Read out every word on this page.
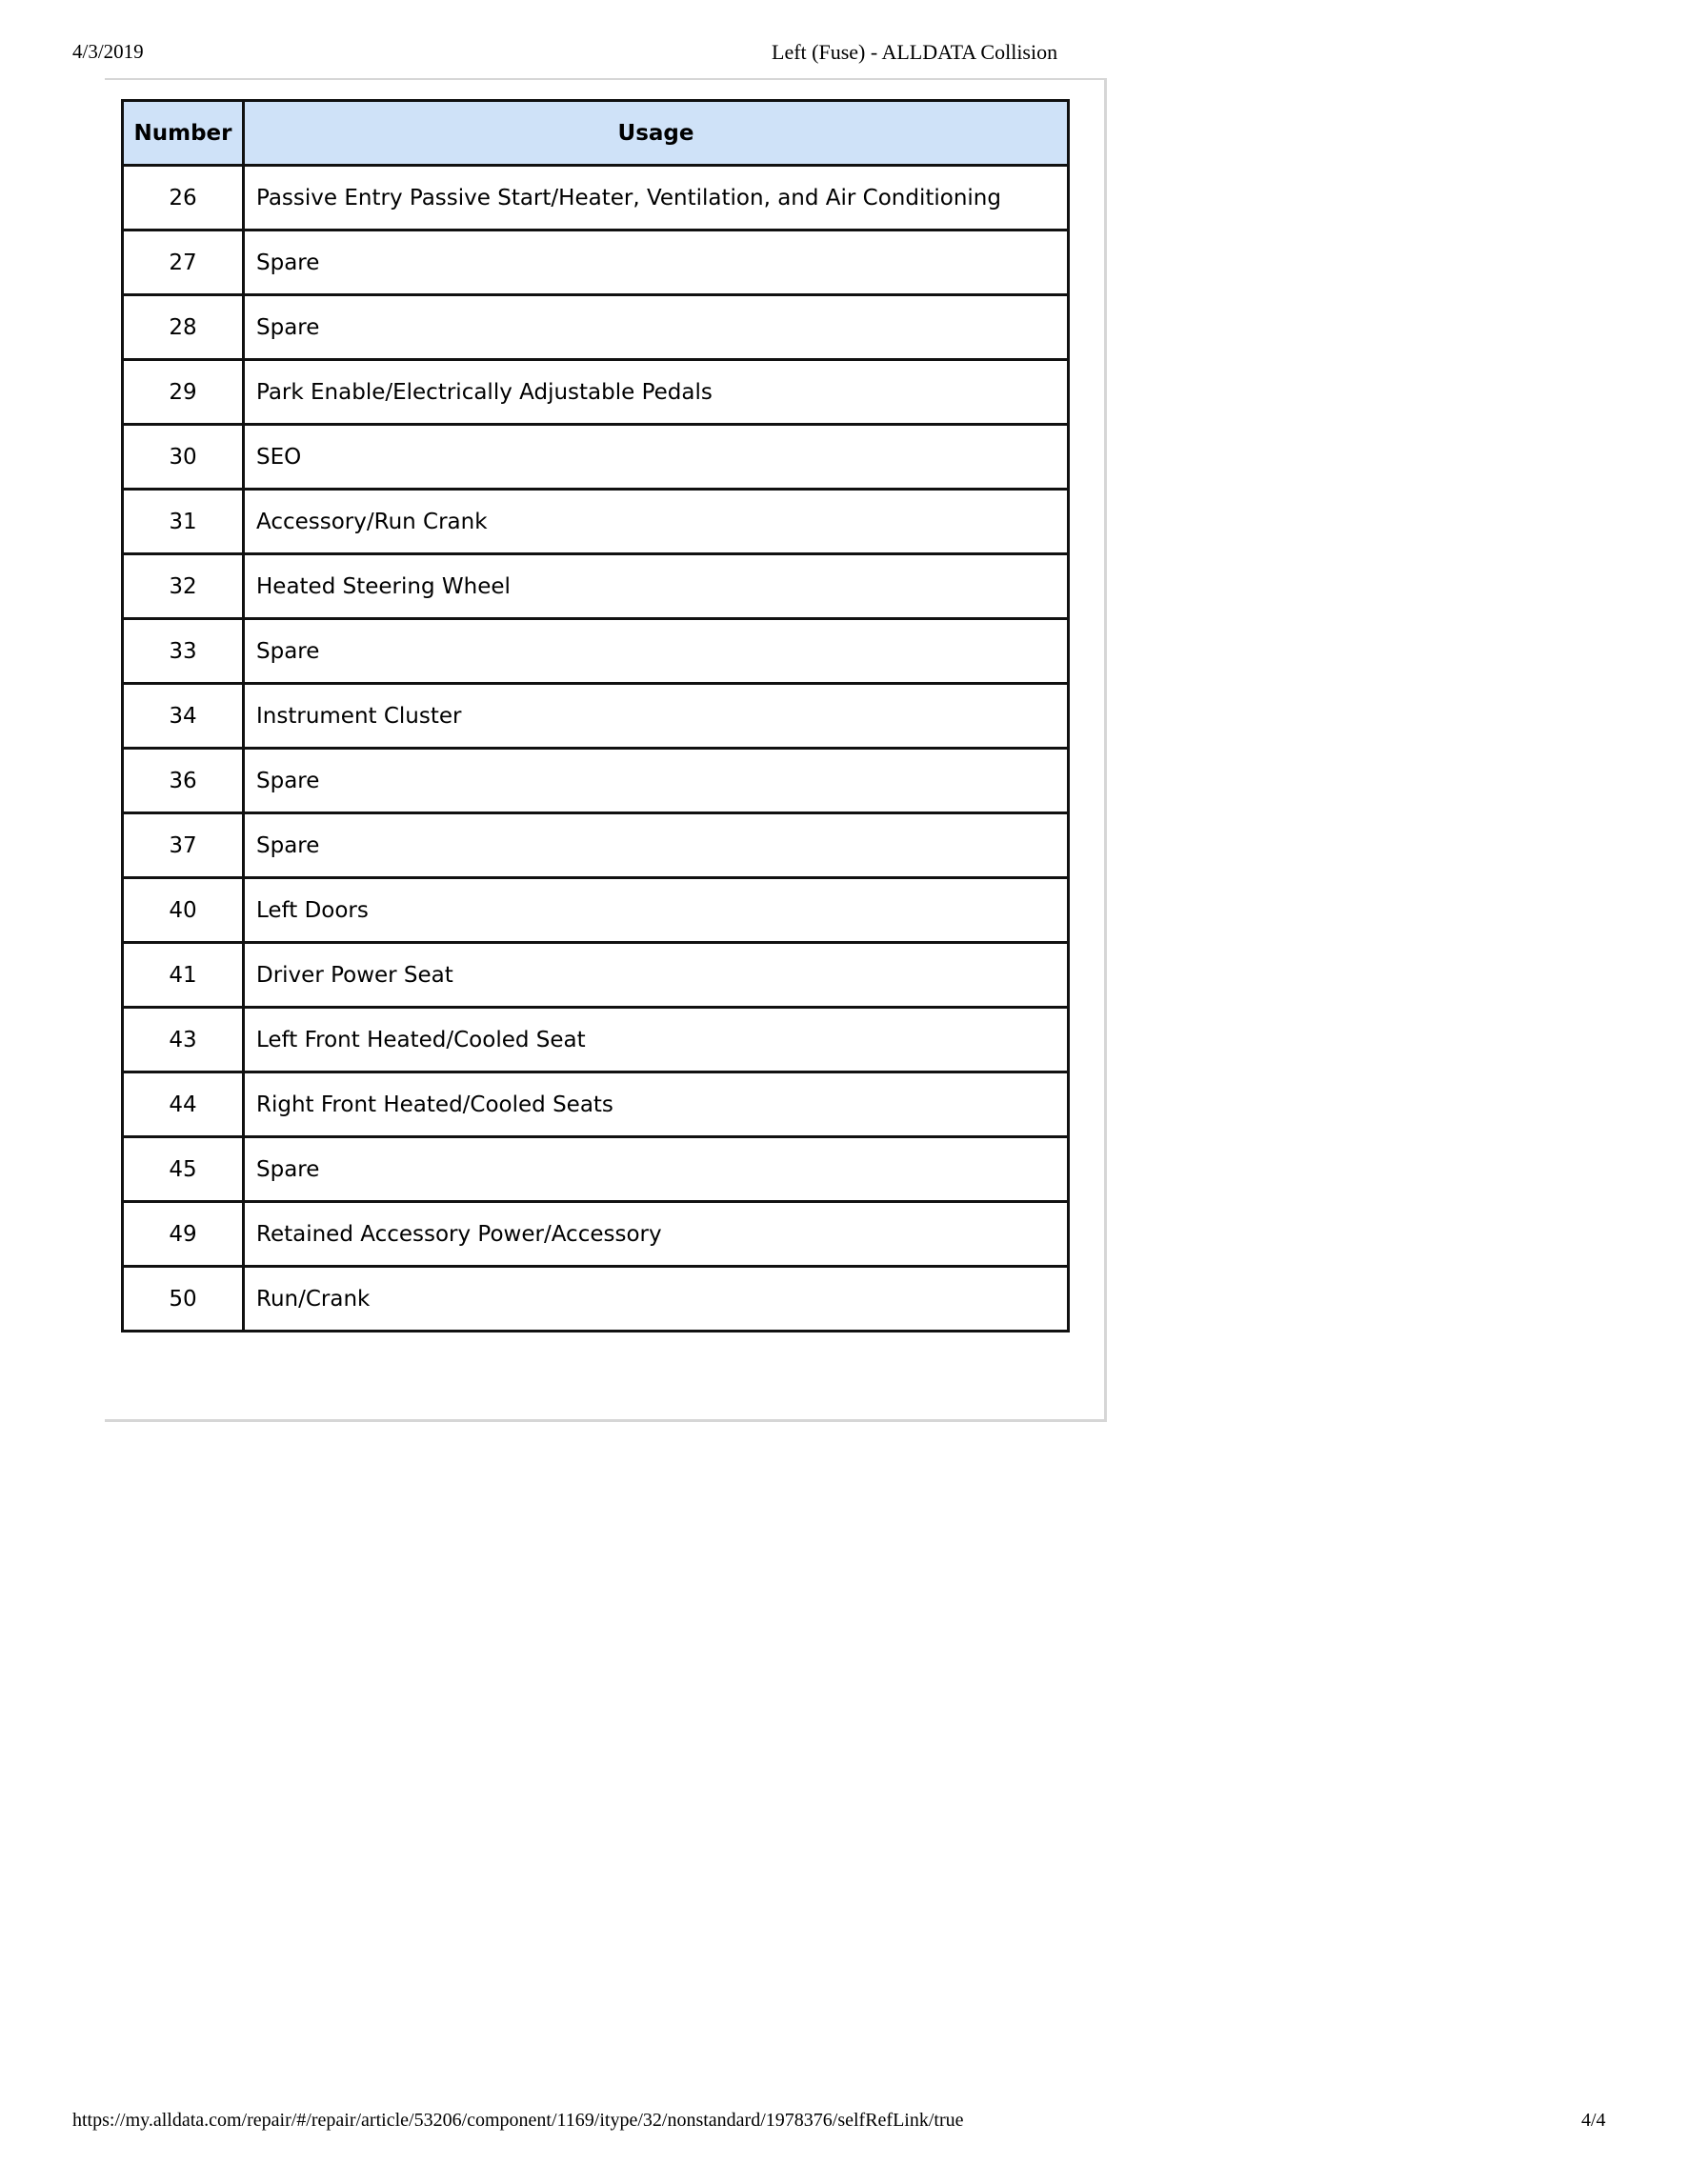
4/3/2019	Left (Fuse) - ALLDATA Collision
Number	Usage
26	Passive Entry Passive Start/Heater, Ventilation, and Air Conditioning
27	Spare
28	Spare
29	Park Enable/Electrically Adjustable Pedals
30	SEO
31	Accessory/Run Crank
32	Heated Steering Wheel
33	Spare
34	Instrument Cluster
36	Spare
37	Spare
40	Left Doors
41	Driver Power Seat
43	Left Front Heated/Cooled Seat
44	Right Front Heated/Cooled Seats
45	Spare
49	Retained Accessory Power/Accessory
50	Run/Crank
https://my.alldata.com/repair/#/repair/article/53206/component/1169/itype/32/nonstandard/1978376/selfRefLink/true	4/4
